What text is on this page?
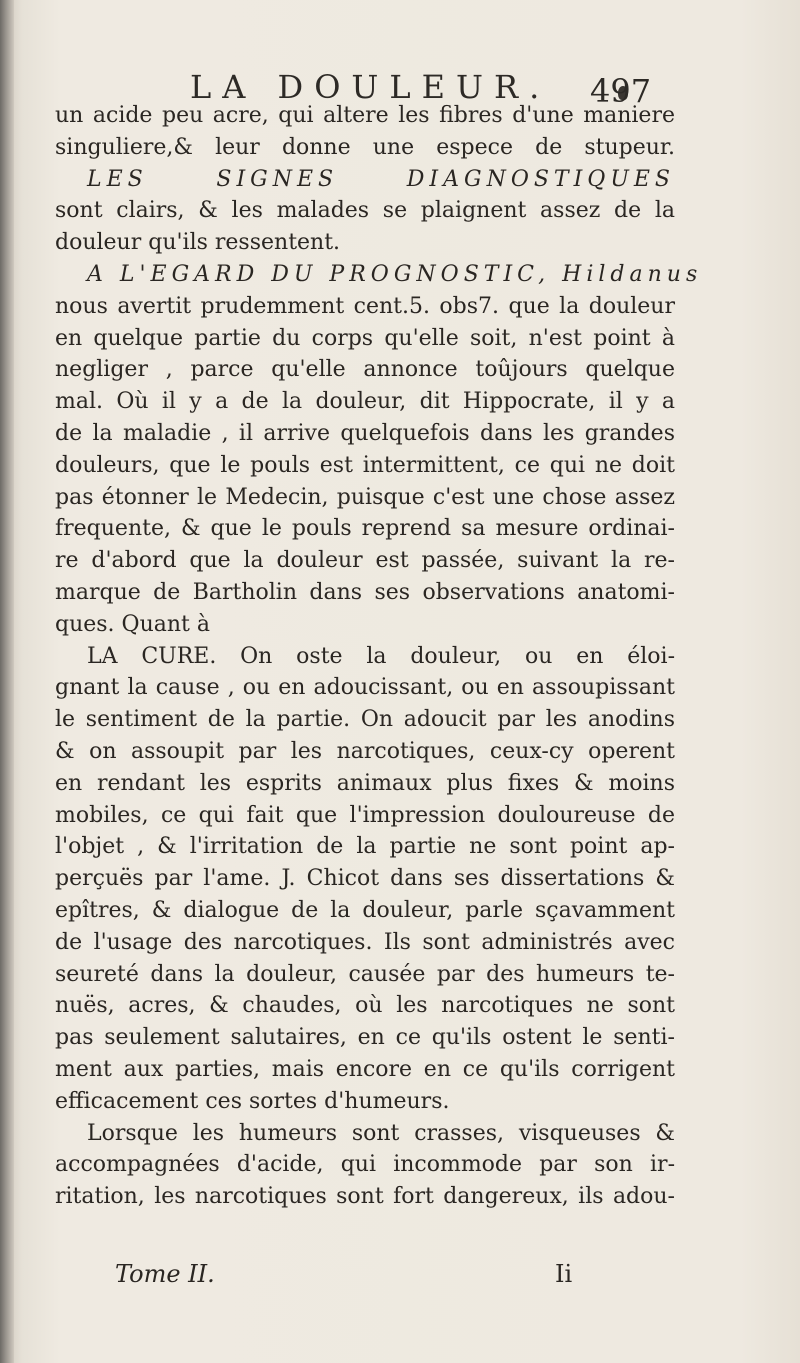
LA DOULEUR. 497
un acide peu acre, qui altere les fibres d'une maniere
singuliere,& leur donne une espece de stupeur.
LES SIGNES DIAGNOSTIQUES
sont clairs, & les malades se plaignent assez de la
douleur qu'ils ressentent.
A L'EGARD DU PROGNOSTIC, Hildanus
nous avertit prudemment cent.5. obs7. que la douleur
en quelque partie du corps qu'elle soit, n'est point à
negliger , parce qu'elle annonce toûjours quelque
mal. Où il y a de la douleur, dit Hippocrate, il y a
de la maladie , il arrive quelquefois dans les grandes
douleurs, que le pouls est intermittent, ce qui ne doit
pas étonner le Medecin, puisque c'est une chose assez
frequente, & que le pouls reprend sa mesure ordinai-
re d'abord que la douleur est passée, suivant la re-
marque de Bartholin dans ses observations anatomi-
ques. Quant à
LA CURE. On oste la douleur, ou en éloi-
gnant la cause , ou en adoucissant, ou en assoupissant
le sentiment de la partie. On adoucit par les anodins
& on assoupit par les narcotiques, ceux-cy operent
en rendant les esprits animaux plus fixes & moins
mobiles, ce qui fait que l'impression douloureuse de
l'objet , & l'irritation de la partie ne sont point ap-
perçuës par l'ame. J. Chicot dans ses dissertations &
epîtres, & dialogue de la douleur, parle sçavamment
de l'usage des narcotiques. Ils sont administrés avec
seureté dans la douleur, causée par des humeurs te-
nuës, acres, & chaudes, où les narcotiques ne sont
pas seulement salutaires, en ce qu'ils ostent le senti-
ment aux parties, mais encore en ce qu'ils corrigent
efficacement ces sortes d'humeurs.
Lorsque les humeurs sont crasses, visqueuses &
accompagnées d'acide, qui incommode par son ir-
ritation, les narcotiques sont fort dangereux, ils adou-
Tome II.	Ii
